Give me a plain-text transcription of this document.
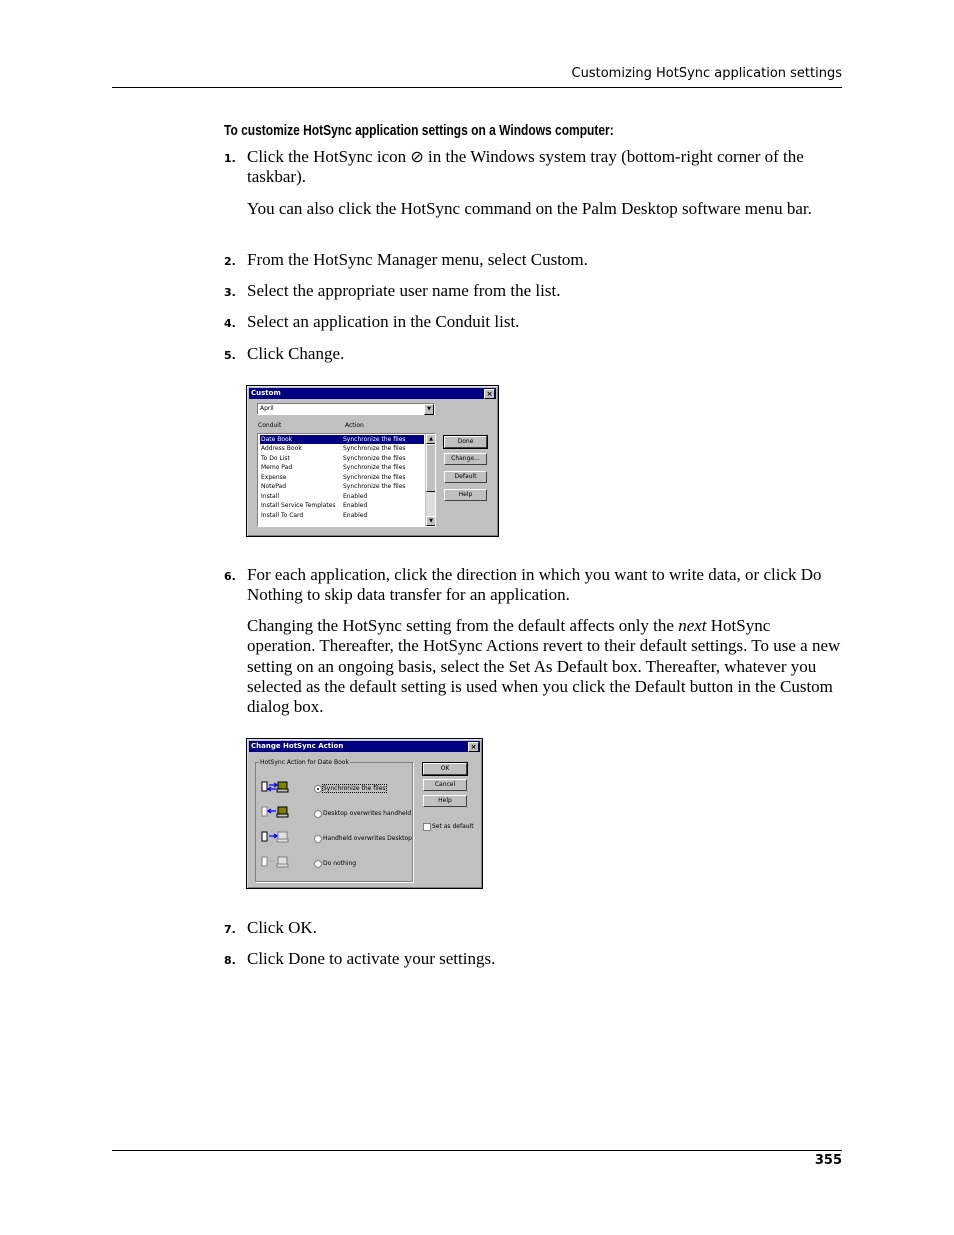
Customizing HotSync application settings
To customize HotSync application settings on a Windows computer:
1. Click the HotSync icon ⊘ in the Windows system tray (bottom-right corner of the taskbar).
You can also click the HotSync command on the Palm Desktop software menu bar.
2. From the HotSync Manager menu, select Custom.
3. Select the appropriate user name from the list.
4. Select an application in the Conduit list.
5. Click Change.
Custom	×
April	▼
Conduit	Action
Date Book	Synchronize the files
Address Book	Synchronize the files
To Do List	Synchronize the files
Memo Pad	Synchronize the files
Expense	Synchronize the files
NotePad	Synchronize the files
Install	Enabled
Install Service Templates Enabled
Install To Card	Enabled
▲
▼
Done
Change...
Default
Help
6. For each application, click the direction in which you want to write data, or click Do Nothing to skip data transfer for an application.
Changing the HotSync setting from the default affects only the next HotSync operation. Thereafter, the HotSync Actions revert to their default settings. To use a new setting on an ongoing basis, select the Set As Default box. Thereafter, whatever you selected as the default setting is used when you click the Default button in the Custom dialog box.
Change HotSync Action	×
HotSync Action for Date Book
Synchronize the files
Desktop overwrites handheld
Handheld overwrites Desktop
Do nothing
OK
Cancel
Help
Set as default
7. Click OK.
8. Click Done to activate your settings.
355
